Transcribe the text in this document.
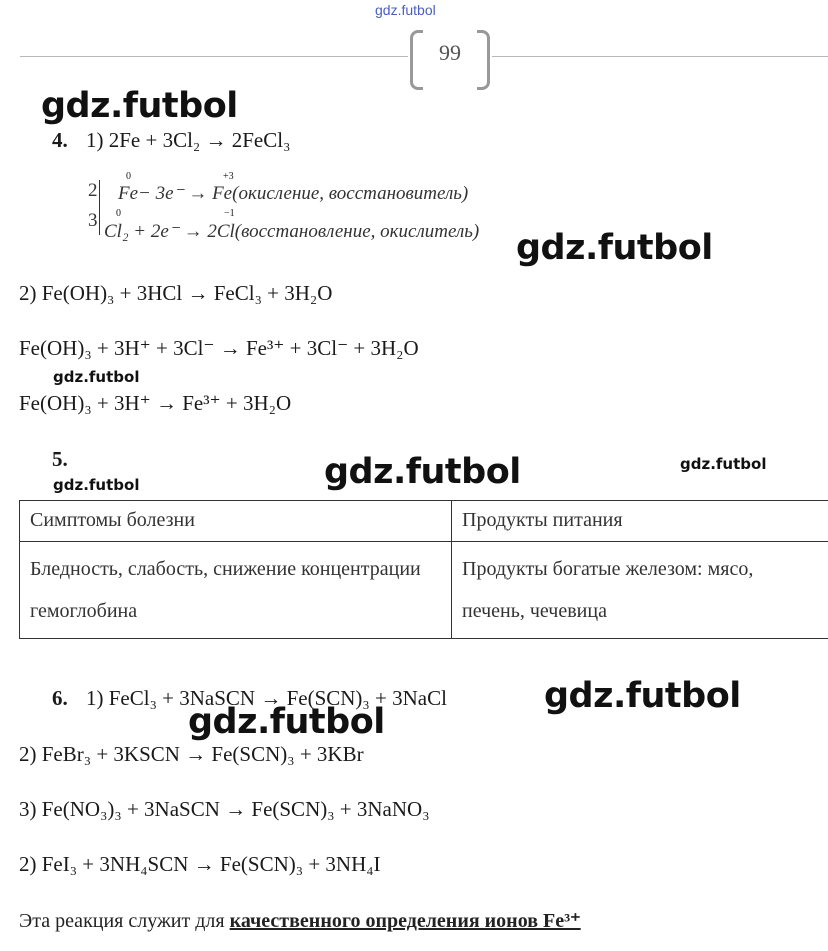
gdz.futbol
99
gdz.futbol
gdz.futbol
gdz.futbol
gdz.futbol	gdz.futbol
gdz.futbol
gdz.futbol
gdz.futbol
4. 1) 2Fe + 3Cl₂ → 2FeCl₃
2
3
0	+3
Fe− 3e⁻ → Fe(окисление, восстановитель)
0	−1
Cl₂ + 2e⁻ → 2Cl(восстановление, окислитель)
2) Fe(OH)₃ + 3HCl → FeCl₃ + 3H₂O
Fe(OH)₃ + 3H⁺ + 3Cl⁻ → Fe³⁺ + 3Cl⁻ + 3H₂O
Fe(OH)₃ + 3H⁺ → Fe³⁺ + 3H₂O
5.
Симптомы болезни	Продукты питания
Бледность, слабость, снижение концентрации гемоглобина	Продукты богатые железом: мясо, печень, чечевица
6. 1) FeCl₃ + 3NaSCN → Fe(SCN)₃ + 3NaCl
2) FeBr₃ + 3KSCN → Fe(SCN)₃ + 3KBr
3) Fe(NO₃)₃ + 3NaSCN → Fe(SCN)₃ + 3NaNO₃
2) FeI₃ + 3NH₄SCN → Fe(SCN)₃ + 3NH₄I
Эта реакция служит для качественного определения ионов Fe³⁺
